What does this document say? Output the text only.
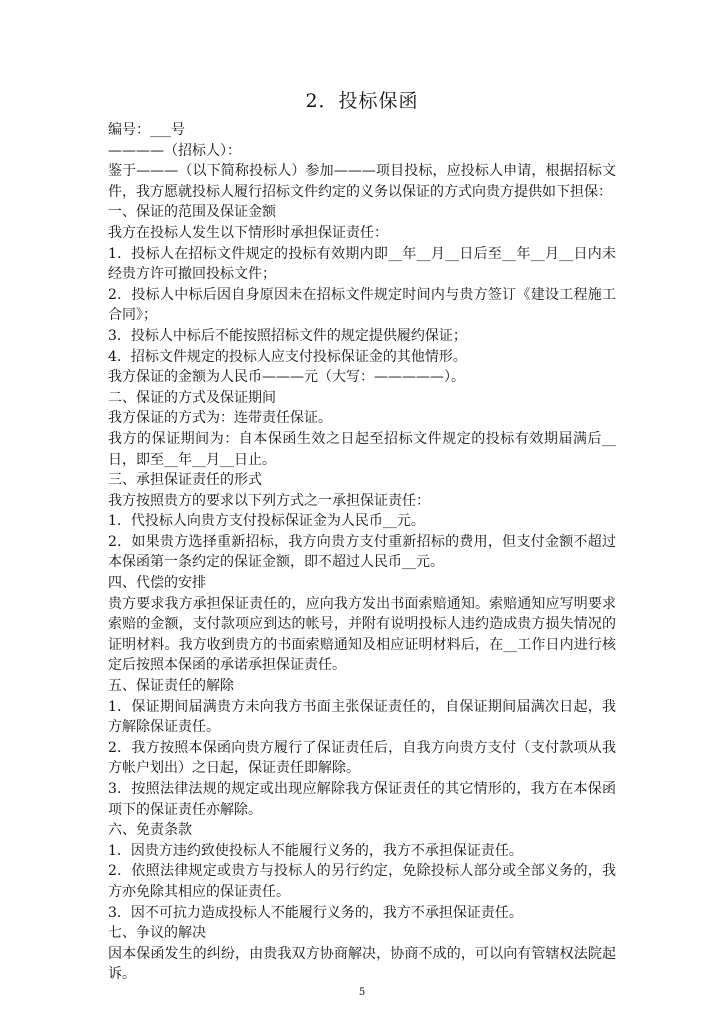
2．投标保函

编号：___号

————（招标人）：

鉴于———（以下简称投标人）参加———项目投标，应投标人申请，根据招标文件，我方愿就投标人履行招标文件约定的义务以保证的方式向贵方提供如下担保：

一、保证的范围及保证金额

我方在投标人发生以下情形时承担保证责任：

1．投标人在招标文件规定的投标有效期内即__年__月__日后至__年__月__日内未经贵方许可撤回投标文件；

2．投标人中标后因自身原因未在招标文件规定时间内与贵方签订《建设工程施工合同》；

3．投标人中标后不能按照招标文件的规定提供履约保证；

4．招标文件规定的投标人应支付投标保证金的其他情形。

我方保证的金额为人民币———元（大写：—————）。

二、保证的方式及保证期间

我方保证的方式为：连带责任保证。

我方的保证期间为：自本保函生效之日起至招标文件规定的投标有效期届满后__日，即至__年__月__日止。

三、承担保证责任的形式

我方按照贵方的要求以下列方式之一承担保证责任：

1．代投标人向贵方支付投标保证金为人民币__元。

2．如果贵方选择重新招标，我方向贵方支付重新招标的费用，但支付金额不超过本保函第一条约定的保证金额，即不超过人民币__元。

四、代偿的安排

贵方要求我方承担保证责任的，应向我方发出书面索赔通知。索赔通知应写明要求索赔的金额，支付款项应到达的帐号，并附有说明投标人违约造成贵方损失情况的证明材料。我方收到贵方的书面索赔通知及相应证明材料后，在__工作日内进行核定后按照本保函的承诺承担保证责任。

五、保证责任的解除

1．保证期间届满贵方未向我方书面主张保证责任的，自保证期间届满次日起，我方解除保证责任。

2．我方按照本保函向贵方履行了保证责任后，自我方向贵方支付（支付款项从我方帐户划出）之日起，保证责任即解除。

3．按照法律法规的规定或出现应解除我方保证责任的其它情形的，我方在本保函项下的保证责任亦解除。

六、免责条款

1．因贵方违约致使投标人不能履行义务的，我方不承担保证责任。

2．依照法律规定或贵方与投标人的另行约定，免除投标人部分或全部义务的，我方亦免除其相应的保证责任。

3．因不可抗力造成投标人不能履行义务的，我方不承担保证责任。

七、争议的解决

因本保函发生的纠纷，由贵我双方协商解决，协商不成的，可以向有管辖权法院起诉。

5
